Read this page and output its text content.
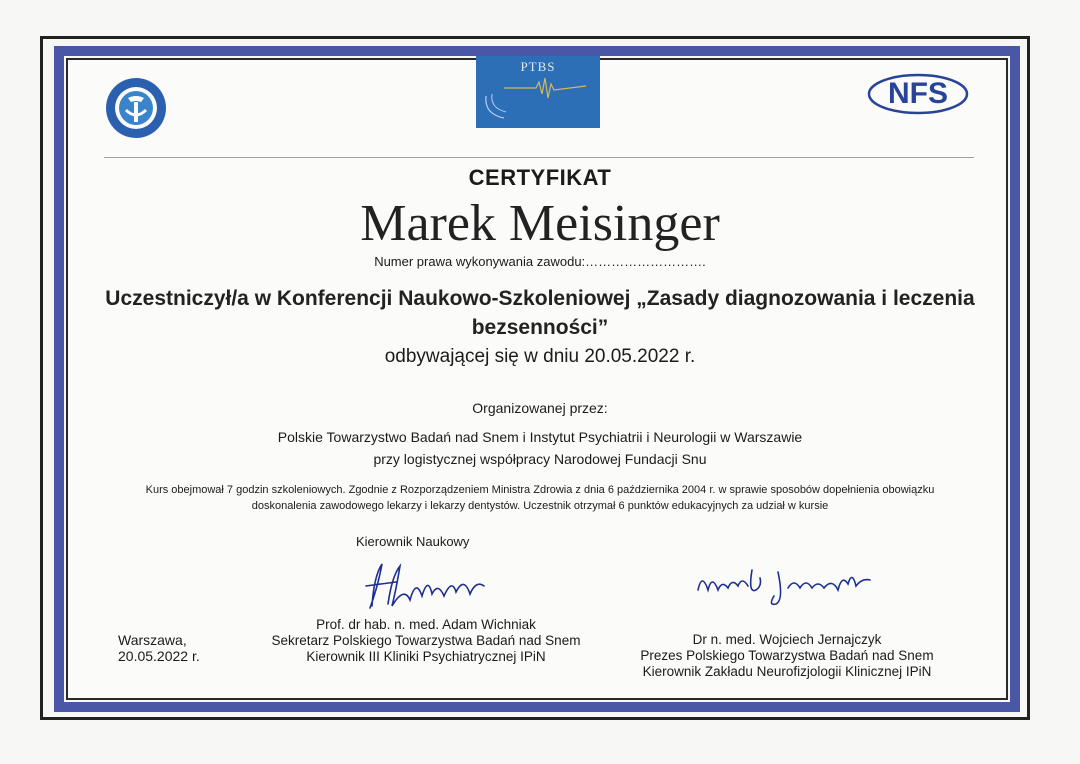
PTBS
NFS
CERTYFIKAT
Marek Meisinger
Numer prawa wykonywania zawodu:……………………….
Uczestniczył/a w Konferencji Naukowo-Szkoleniowej „Zasady diagnozowania i leczenia
bezsenności”
odbywającej się w dniu 20.05.2022 r.
Organizowanej przez:
Polskie Towarzystwo Badań nad Snem i Instytut Psychiatrii i Neurologii w Warszawie
przy logistycznej współpracy Narodowej Fundacji Snu
Kurs obejmował 7 godzin szkoleniowych. Zgodnie z Rozporządzeniem Ministra Zdrowia z dnia 6 października 2004 r. w sprawie sposobów dopełnienia obowiązku
doskonalenia zawodowego lekarzy i lekarzy dentystów. Uczestnik otrzymał 6 punktów edukacyjnych za udział w kursie
Kierownik Naukowy
Prof. dr hab. n. med. Adam Wichniak
Sekretarz Polskiego Towarzystwa Badań nad Snem
Kierownik III Kliniki Psychiatrycznej IPiN
Dr n. med. Wojciech Jernajczyk
Prezes Polskiego Towarzystwa Badań nad Snem
Kierownik Zakładu Neurofizjologii Klinicznej IPiN
Warszawa,
20.05.2022 r.
